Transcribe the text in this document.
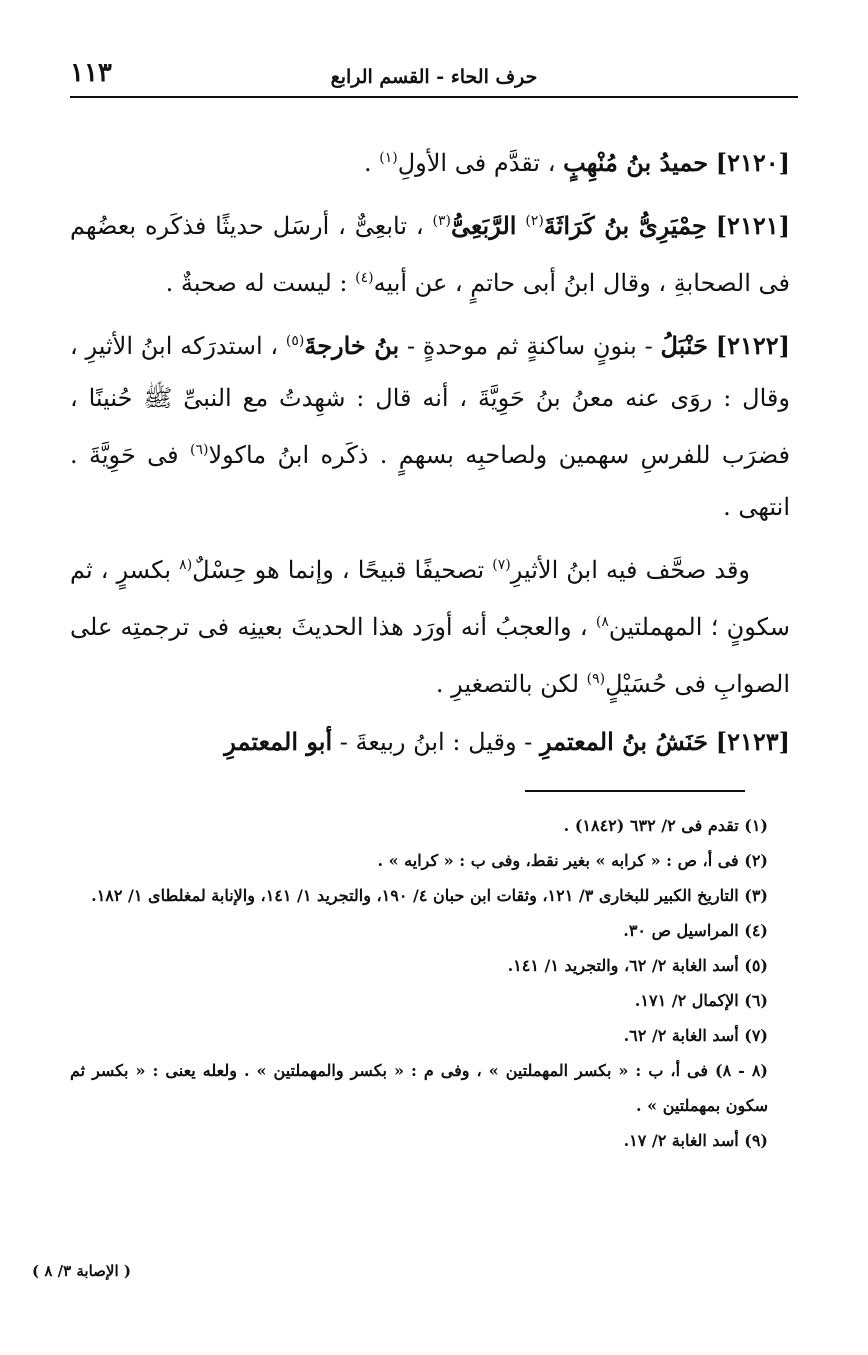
١١٣	حرف الحاء - القسم الرابع

[٢١٢٠] حميدُ بنُ مُنْهِبٍ ، تقدَّم فى الأولِ$^{(١)}$ .

[٢١٢١] حِمْيَرِىُّ بنُ كَرَاثَةَ$^{(٢)}$ الرَّبَعِىُّ$^{(٣)}$ ، تابعِىٌّ ، أرسَل حديثًا فذكَره بعضُهم فى الصحابةِ ، وقال ابنُ أبى حاتمٍ ، عن أبيه$^{(٤)}$ : ليست له صحبةٌ .

[٢١٢٢] حَنْبَلُ - بنونٍ ساكنةٍ ثم موحدةٍ - بنُ خارجةَ$^{(٥)}$ ، استدرَكه ابنُ الأثيرِ ، وقال : روَى عنه معنُ بنُ حَوِيَّةَ ، أنه قال : شهِدتُ مع النبىِّ ﷺ حُنينًا ، فضرَب للفرسِ سهمين ولصاحبِه بسهمٍ . ذكَره ابنُ ماكولا$^{(٦)}$ فى حَوِيَّةَ . انتهى .

وقد صحَّف فيه ابنُ الأثيرِ$^{(٧)}$ تصحيفًا قبيحًا ، وإنما هو حِسْلٌ$^{(٨}$ بكسرٍ ، ثم سكونٍ ؛ المهملتين$^{٨)}$ ، والعجبُ أنه أورَد هذا الحديثَ بعينِه فى ترجمتِه على الصوابِ فى حُسَيْلٍ$^{(٩)}$ لكن بالتصغيرِ .

[٢١٢٣] حَنَشُ بنُ المعتمرِ - وقيل : ابنُ ربيعةَ - أبو المعتمرِ

(١) تقدم فى ٢/ ٦٣٢ (١٨٤٢) .

(٢) فى أ، ص : « كرابه » بغير نقط، وفى ب : « كرايه » .

(٣) التاريخ الكبير للبخارى ٣/ ١٢١، وثقات ابن حبان ٤/ ١٩٠، والتجريد ١/ ١٤١، والإنابة لمغلطاى ١/ ١٨٢.

(٤) المراسيل ص ٣٠.

(٥) أسد الغابة ٢/ ٦٢، والتجريد ١/ ١٤١.

(٦) الإكمال ٢/ ١٧١.

(٧) أسد الغابة ٢/ ٦٢.

(٨ - ٨) فى أ، ب : « بكسر المهملتين » ، وفى م : « بكسر والمهملتين » . ولعله يعنى : « بكسر ثم سكون بمهملتين » .

(٩) أسد الغابة ٢/ ١٧.

( الإصابة ٣/ ٨ )
